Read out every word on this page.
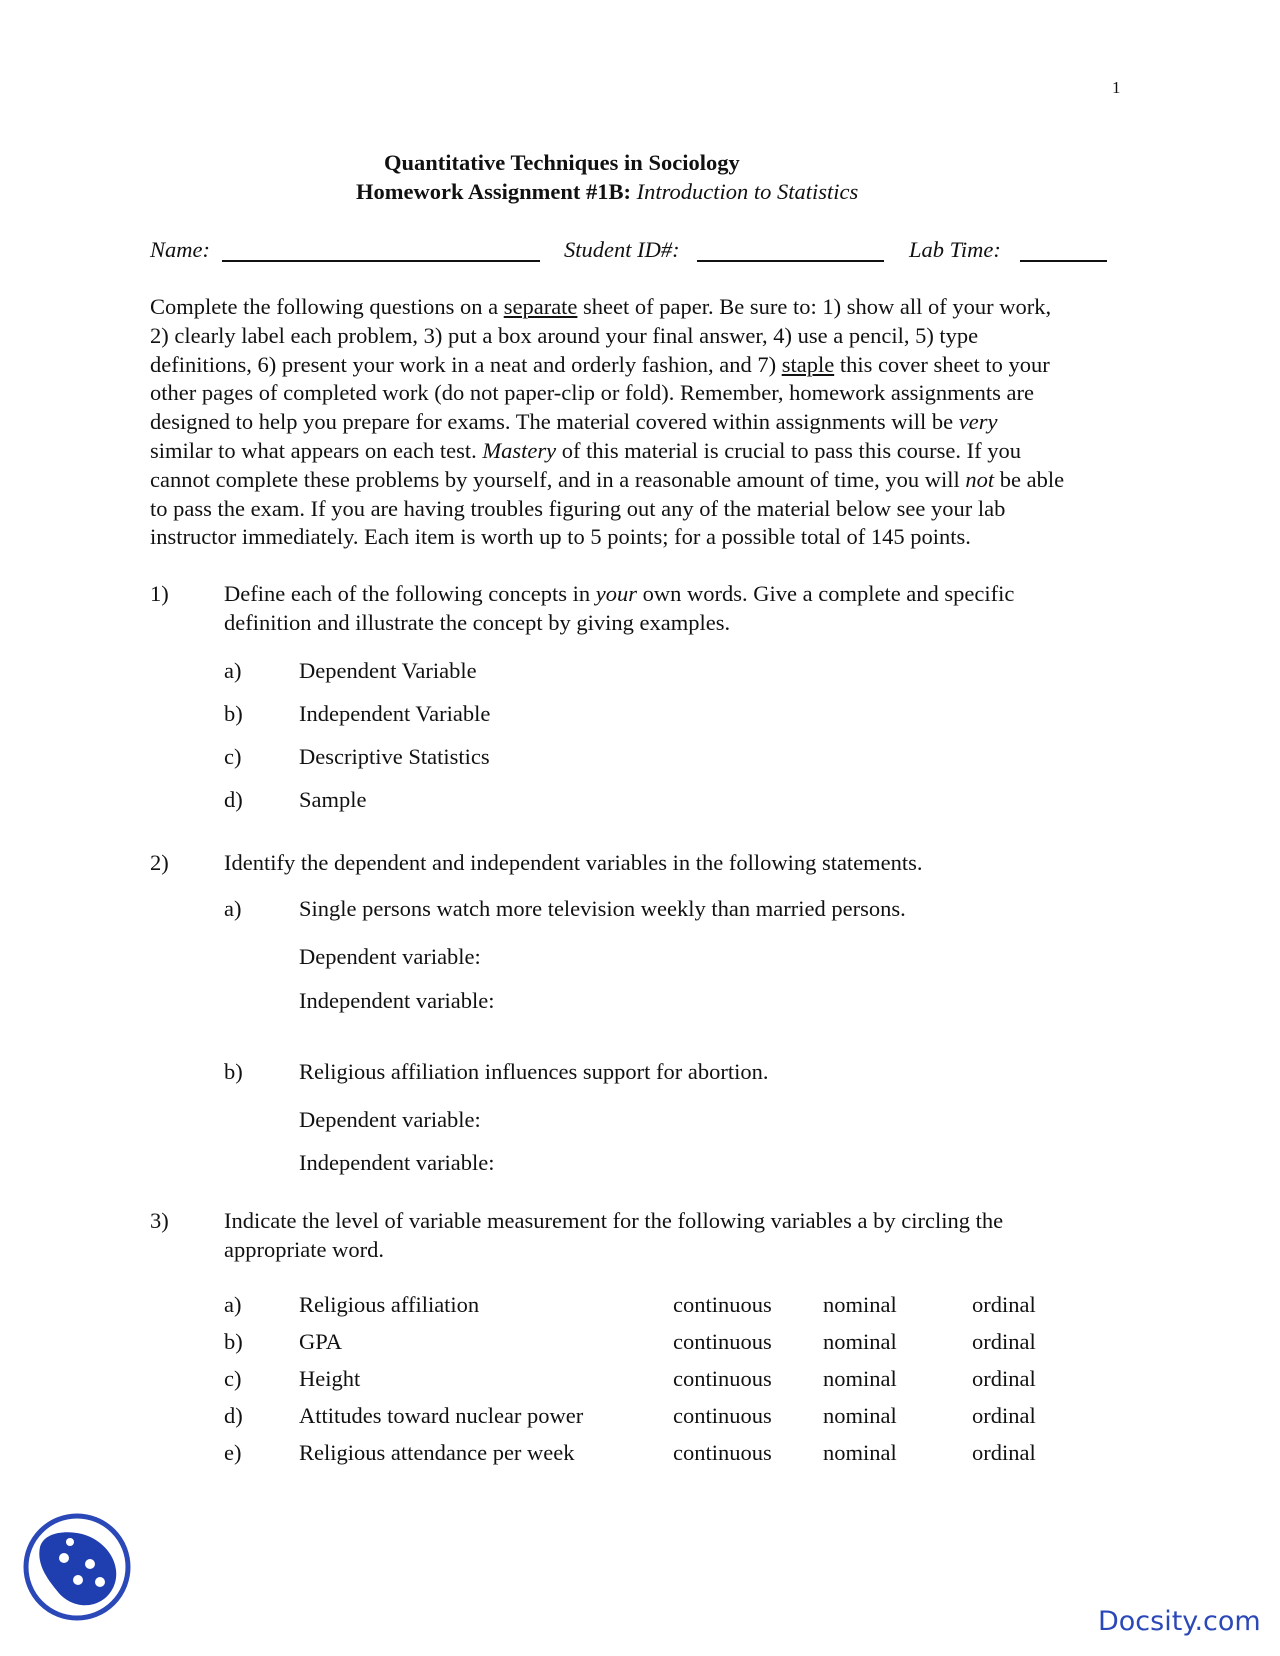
1
Quantitative Techniques in Sociology
Homework Assignment #1B: Introduction to Statistics
Name:	Student ID#:	Lab Time:
Complete the following questions on a separate sheet of paper. Be sure to: 1) show all of your work,
2) clearly label each problem, 3) put a box around your final answer, 4) use a pencil, 5) type
definitions, 6) present your work in a neat and orderly fashion, and 7) staple this cover sheet to your
other pages of completed work (do not paper-clip or fold). Remember, homework assignments are
designed to help you prepare for exams. The material covered within assignments will be very
similar to what appears on each test. Mastery of this material is crucial to pass this course. If you
cannot complete these problems by yourself, and in a reasonable amount of time, you will not be able
to pass the exam. If you are having troubles figuring out any of the material below see your lab
instructor immediately. Each item is worth up to 5 points; for a possible total of 145 points.
1) Define each of the following concepts in your own words. Give a complete and specific
definition and illustrate the concept by giving examples.
a)	Dependent Variable
b)	Independent Variable
c)	Descriptive Statistics
d)	Sample
2) Identify the dependent and independent variables in the following statements.
a)	Single persons watch more television weekly than married persons.
Dependent variable:
Independent variable:
b)	Religious affiliation influences support for abortion.
Dependent variable:
Independent variable:
3) Indicate the level of variable measurement for the following variables a by circling the
appropriate word.
a)	Religious affiliation	continuous nominal	ordinal
b)	GPA	continuous nominal	ordinal
c)	Height	continuous nominal	ordinal
d)	Attitudes toward nuclear power	continuous nominal	ordinal
e)	Religious attendance per week	continuous nominal	ordinal
Docsity.com
